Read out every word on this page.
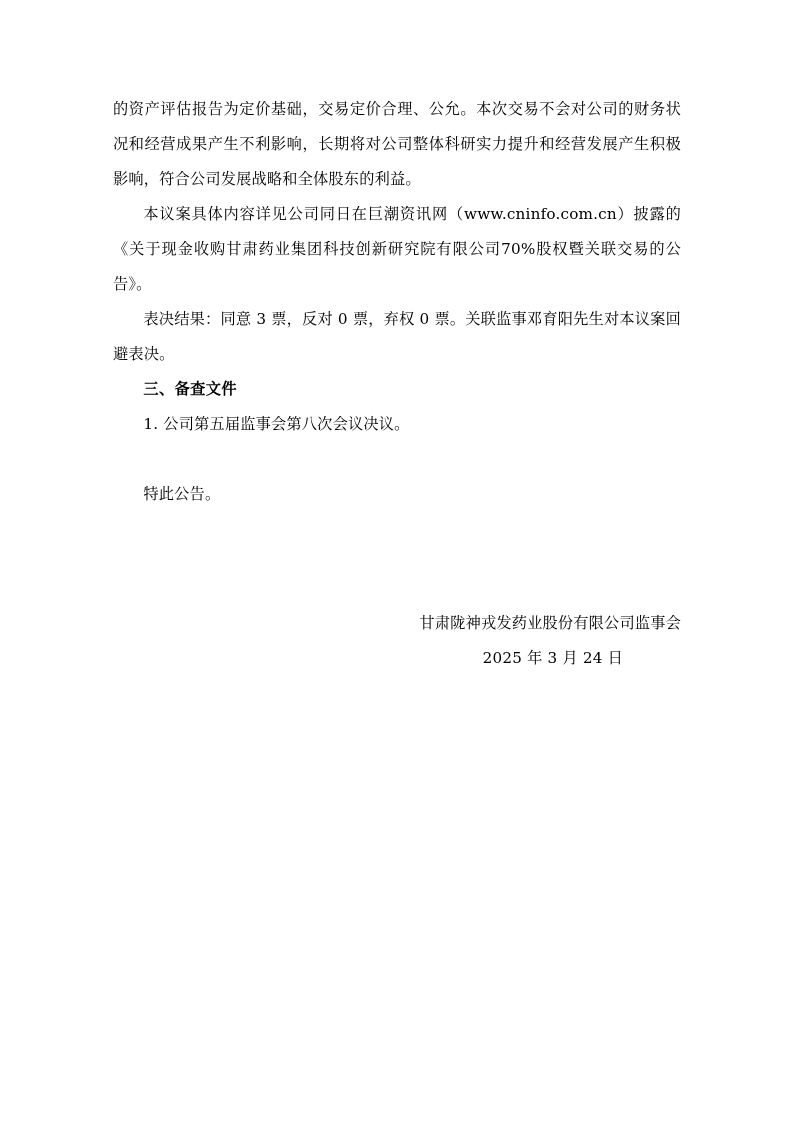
的资产评估报告为定价基础，交易定价合理、公允。本次交易不会对公司的财务状况和经营成果产生不利影响，长期将对公司整体科研实力提升和经营发展产生积极影响，符合公司发展战略和全体股东的利益。

本议案具体内容详见公司同日在巨潮资讯网（www.cninfo.com.cn）披露的《关于现金收购甘肃药业集团科技创新研究院有限公司70%股权暨关联交易的公告》。

表决结果：同意 3 票，反对 0 票，弃权 0 票。关联监事邓育阳先生对本议案回避表决。

三、备查文件

1. 公司第五届监事会第八次会议决议。

特此公告。

甘肃陇神戎发药业股份有限公司监事会
2025 年 3 月 24 日
